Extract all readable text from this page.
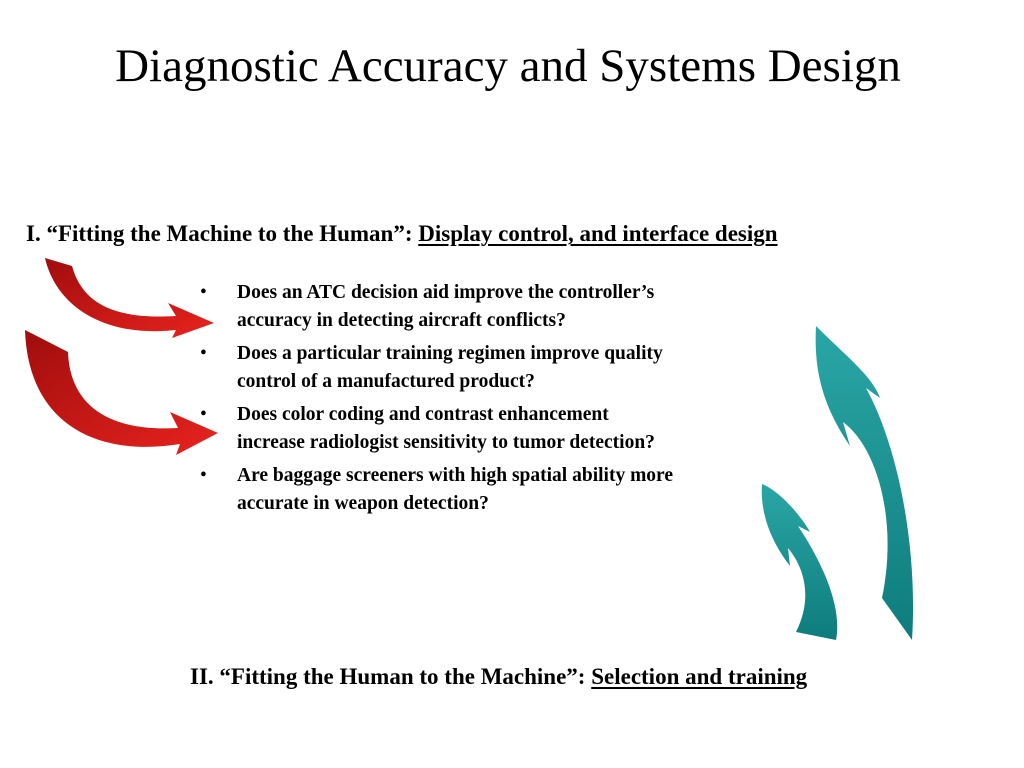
Diagnostic Accuracy and Systems Design
I. “Fitting the Machine to the Human”: Display control, and interface design
• Does an ATC decision aid improve the controller’s
accuracy in detecting aircraft conflicts?
• Does a particular training regimen improve quality
control of a manufactured product?
• Does color coding and contrast enhancement
increase radiologist sensitivity to tumor detection?
• Are baggage screeners with high spatial ability more
accurate in weapon detection?
II. “Fitting the Human to the Machine”: Selection and training
